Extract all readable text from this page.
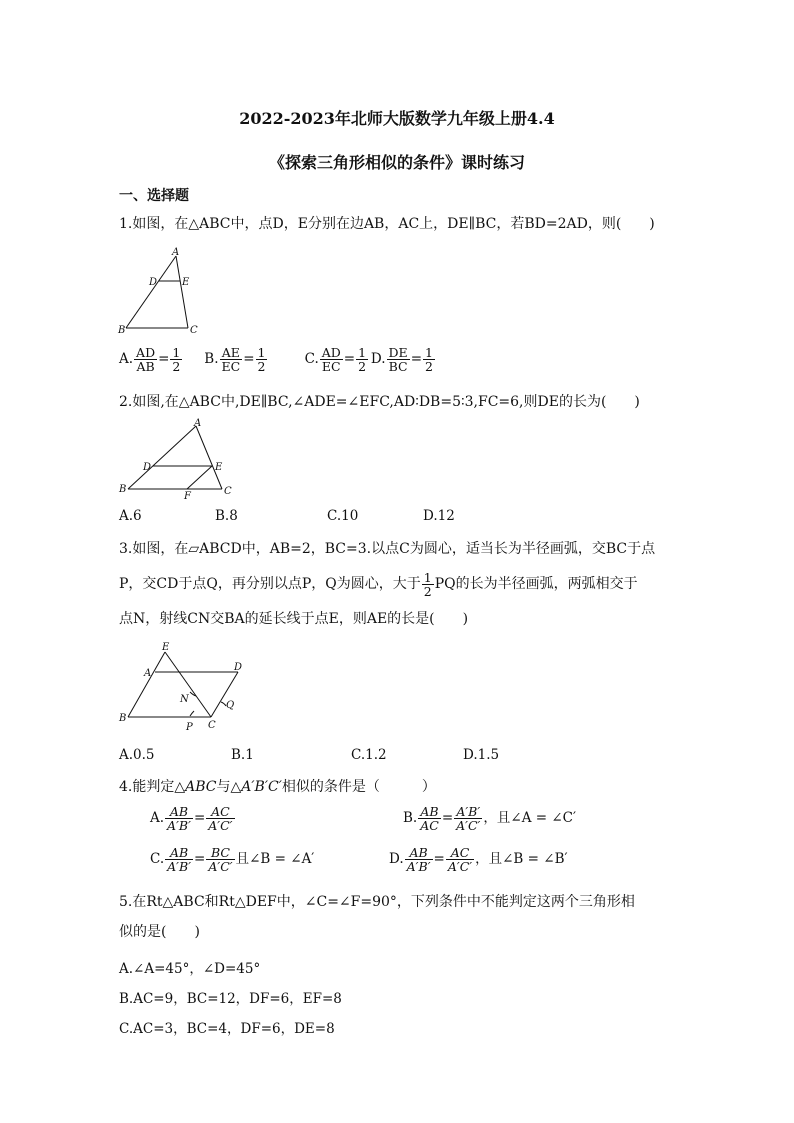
2022-2023年北师大版数学九年级上册4.4
《探索三角形相似的条件》课时练习
一、选择题
1.如图，在△ABC中，点D，E分别在边AB，AC上，DE∥BC，若BD=2AD，则(　　)
A
D E
B	C
A. $\frac{AD}{AB} = \frac{1}{2} B$. $\frac{AE}{EC} = \frac{1}{2}$	C. $\frac{AD}{EC} = \frac{1}{2} D$. $\frac{DE}{BC} = \frac{1}{2}$
2.如图,在△ABC中,DE∥BC,∠ADE=∠EFC,AD∶DB=5∶3,FC=6,则DE的长为(　　)
A
D	E
B
F	C
A.6	B.8	C.10	D.12
3.如图，在▱ABCD中，AB=2，BC=3.以点C为圆心，适当长为半径画弧，交BC于点
P，交CD于点Q，再分别以点P，Q为圆心，大于 $\frac{1}{2}$ PQ的长为半径画弧，两弧相交于
点N，射线CN交BA的延长线于点E，则AE的长是(　　)
E
A
D
N
Q
B
P C
A.0.5	B.1	C.1.2	D.1.5
4.能判定△ABC与△A′B′C′相似的条件是（　　　）
A. $\frac{AB}{A'B'} = \frac{AC}{A'C'}$	B. $\frac{AB}{AC} = \frac{A'B'}{A'C'}$ ，且∠A = ∠C′
C. $\frac{AB}{A'B'} = \frac{BC}{A'C'}$ 且∠B = ∠A′	D. $\frac{AB}{A'B'} = \frac{AC}{A'C'}$ ，且∠B = ∠B′
5.在Rt△ABC和Rt△DEF中，∠C=∠F=90°，下列条件中不能判定这两个三角形相
似的是(　　)
A.∠A=45°，∠D=45°
B.AC=9，BC=12，DF=6，EF=8
C.AC=3，BC=4，DF=6，DE=8
